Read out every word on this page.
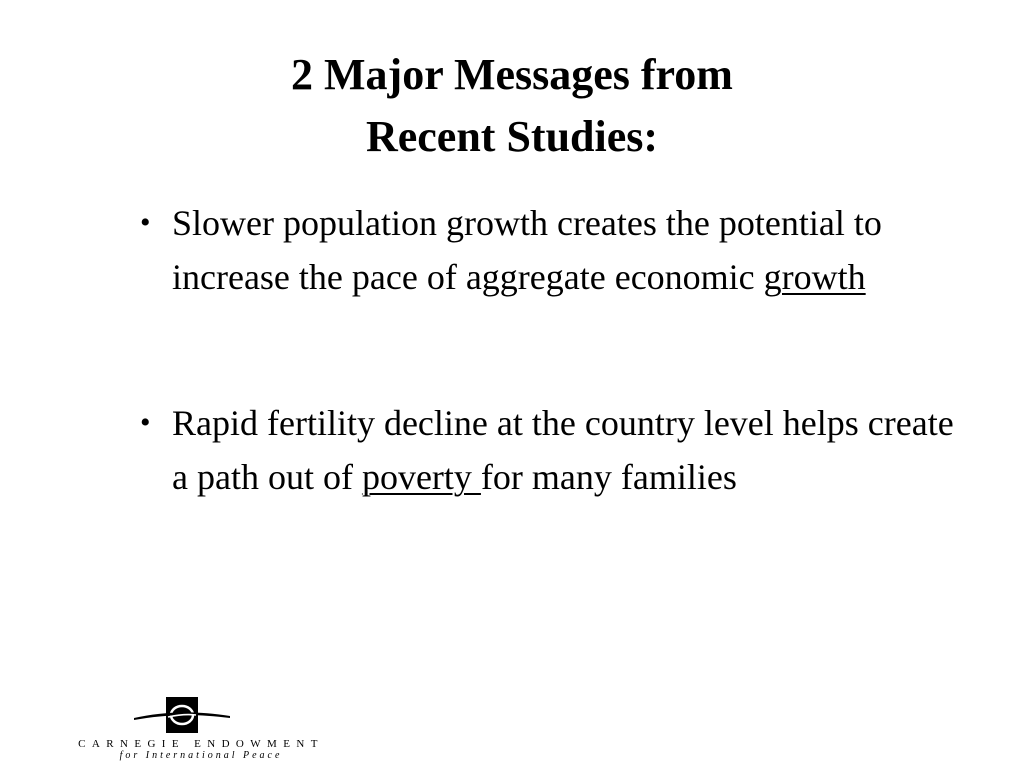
2 Major Messages from
Recent Studies:
• Slower population growth creates the potential to increase the pace of aggregate economic growth
• Rapid fertility decline at the country level helps create a path out of poverty for many families
CARNEGIE ENDOWMENT
for International Peace
